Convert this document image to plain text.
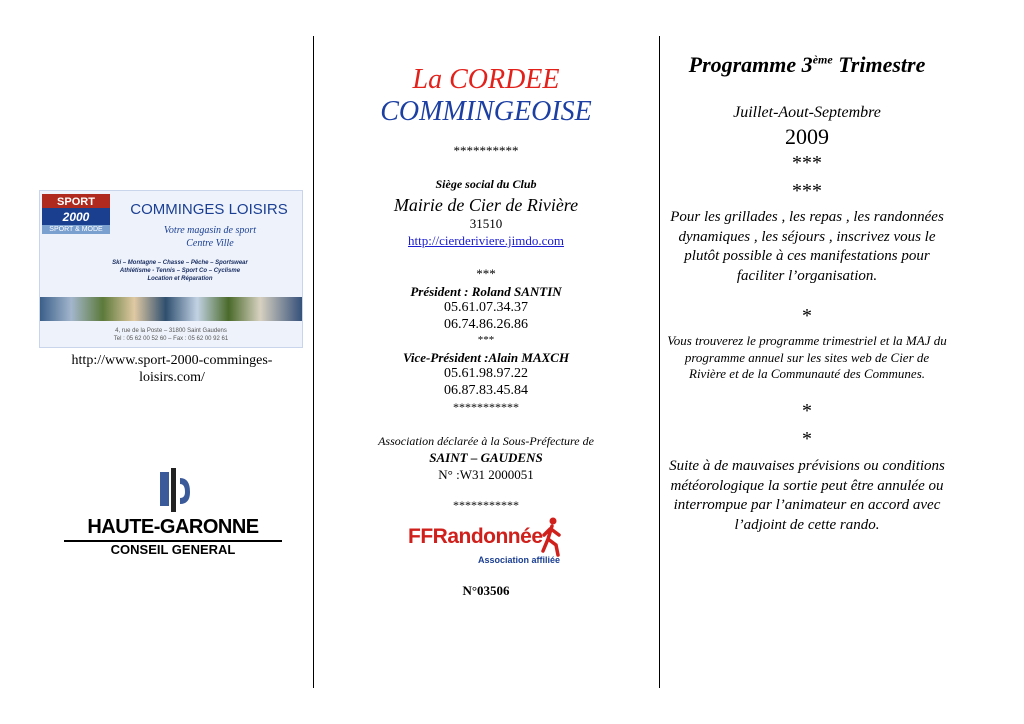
SPORT
2000
SPORT & MODE
COMMINGES LOISIRS
Votre magasin de sport
Centre Ville
Ski – Montagne – Chasse – Pêche – Sportswear
Athlétisme - Tennis – Sport Co – Cyclisme
Location et Réparation
4, rue de la Poste – 31800 Saint Gaudens
Tel : 05 62 00 52 60 – Fax : 05 62 00 92 61
http://www.sport-2000-comminges-
loisirs.com/
HAUTE-GARONNE
CONSEIL GENERAL
La CORDEE
COMMINGEOISE
**********
Siège social du Club
Mairie de Cier de Rivière
31510
http://cierderiviere.jimdo.com
***
Président : Roland SANTIN
05.61.07.34.37
06.74.86.26.86
***
Vice-Président :Alain MAXCH
05.61.98.97.22
06.87.83.45.84
***********
Association déclarée à la Sous-Préfecture de
SAINT – GAUDENS
N° :W31 2000051
***********
FFRandonnée
Association affiliée
N°03506
Programme 3ème Trimestre
Juillet-Aout-Septembre
2009
***
***
Pour les grillades , les repas , les randonnées dynamiques , les séjours , inscrivez vous le plutôt possible à ces manifestations pour faciliter l’organisation.
*
Vous trouverez le programme trimestriel et la MAJ du programme annuel sur les sites web de Cier de Rivière et de la Communauté des Communes.
*
*
Suite à de mauvaises prévisions ou conditions météorologique la sortie peut être annulée ou interrompue par l’animateur en accord avec l’adjoint de cette rando.
